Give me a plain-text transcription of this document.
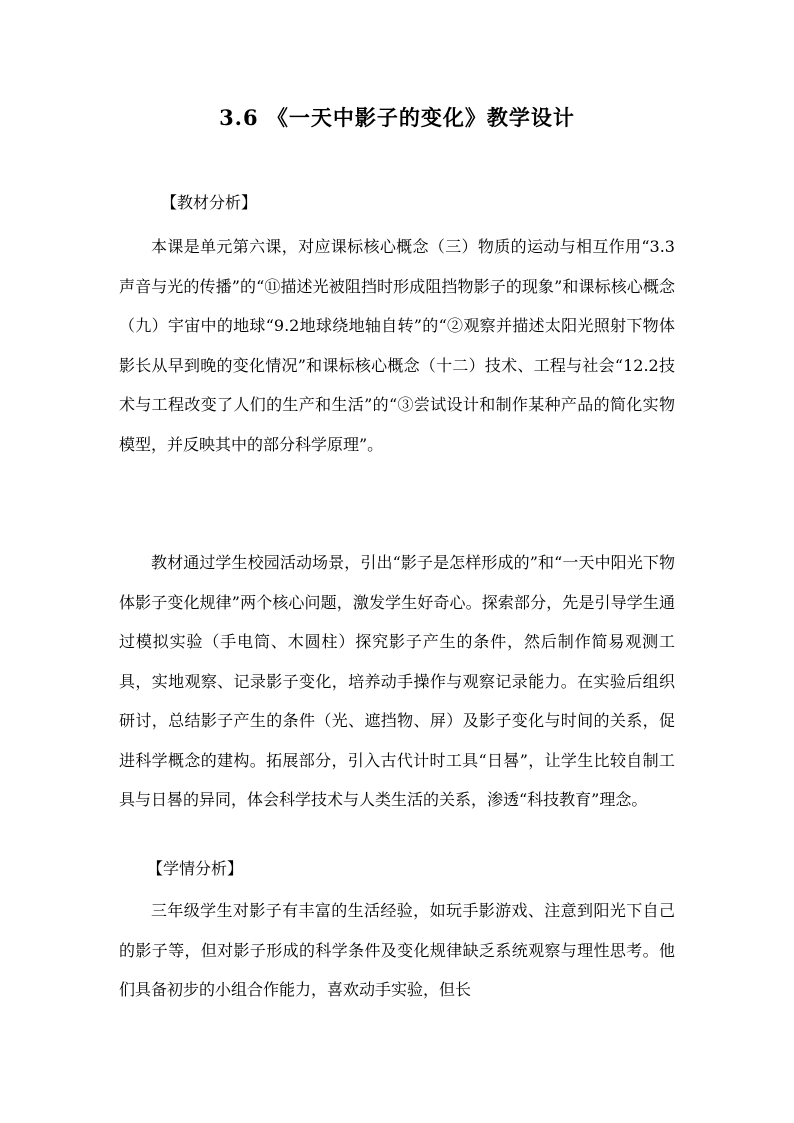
3.6 《一天中影子的变化》教学设计
【教材分析】

本课是单元第六课，对应课标核心概念（三）物质的运动与相互作用“3.3声音与光的传播”的“⑪描述光被阻挡时形成阻挡物影子的现象”和课标核心概念（九）宇宙中的地球“9.2地球绕地轴自转”的“②观察并描述太阳光照射下物体影长从早到晚的变化情况”和课标核心概念（十二）技术、工程与社会“12.2技术与工程改变了人们的生产和生活”的“③尝试设计和制作某种产品的简化实物模型，并反映其中的部分科学原理”。

教材通过学生校园活动场景，引出“影子是怎样形成的”和“一天中阳光下物体影子变化规律”两个核心问题，激发学生好奇心。探索部分，先是引导学生通过模拟实验（手电筒、木圆柱）探究影子产生的条件，然后制作简易观测工具，实地观察、记录影子变化，培养动手操作与观察记录能力。在实验后组织研讨，总结影子产生的条件（光、遮挡物、屏）及影子变化与时间的关系，促进科学概念的建构。拓展部分，引入古代计时工具“日晷”，让学生比较自制工具与日晷的异同，体会科学技术与人类生活的关系，渗透“科技教育”理念。

【学情分析】

三年级学生对影子有丰富的生活经验，如玩手影游戏、注意到阳光下自己的影子等，但对影子形成的科学条件及变化规律缺乏系统观察与理性思考。他们具备初步的小组合作能力，喜欢动手实验，但长
